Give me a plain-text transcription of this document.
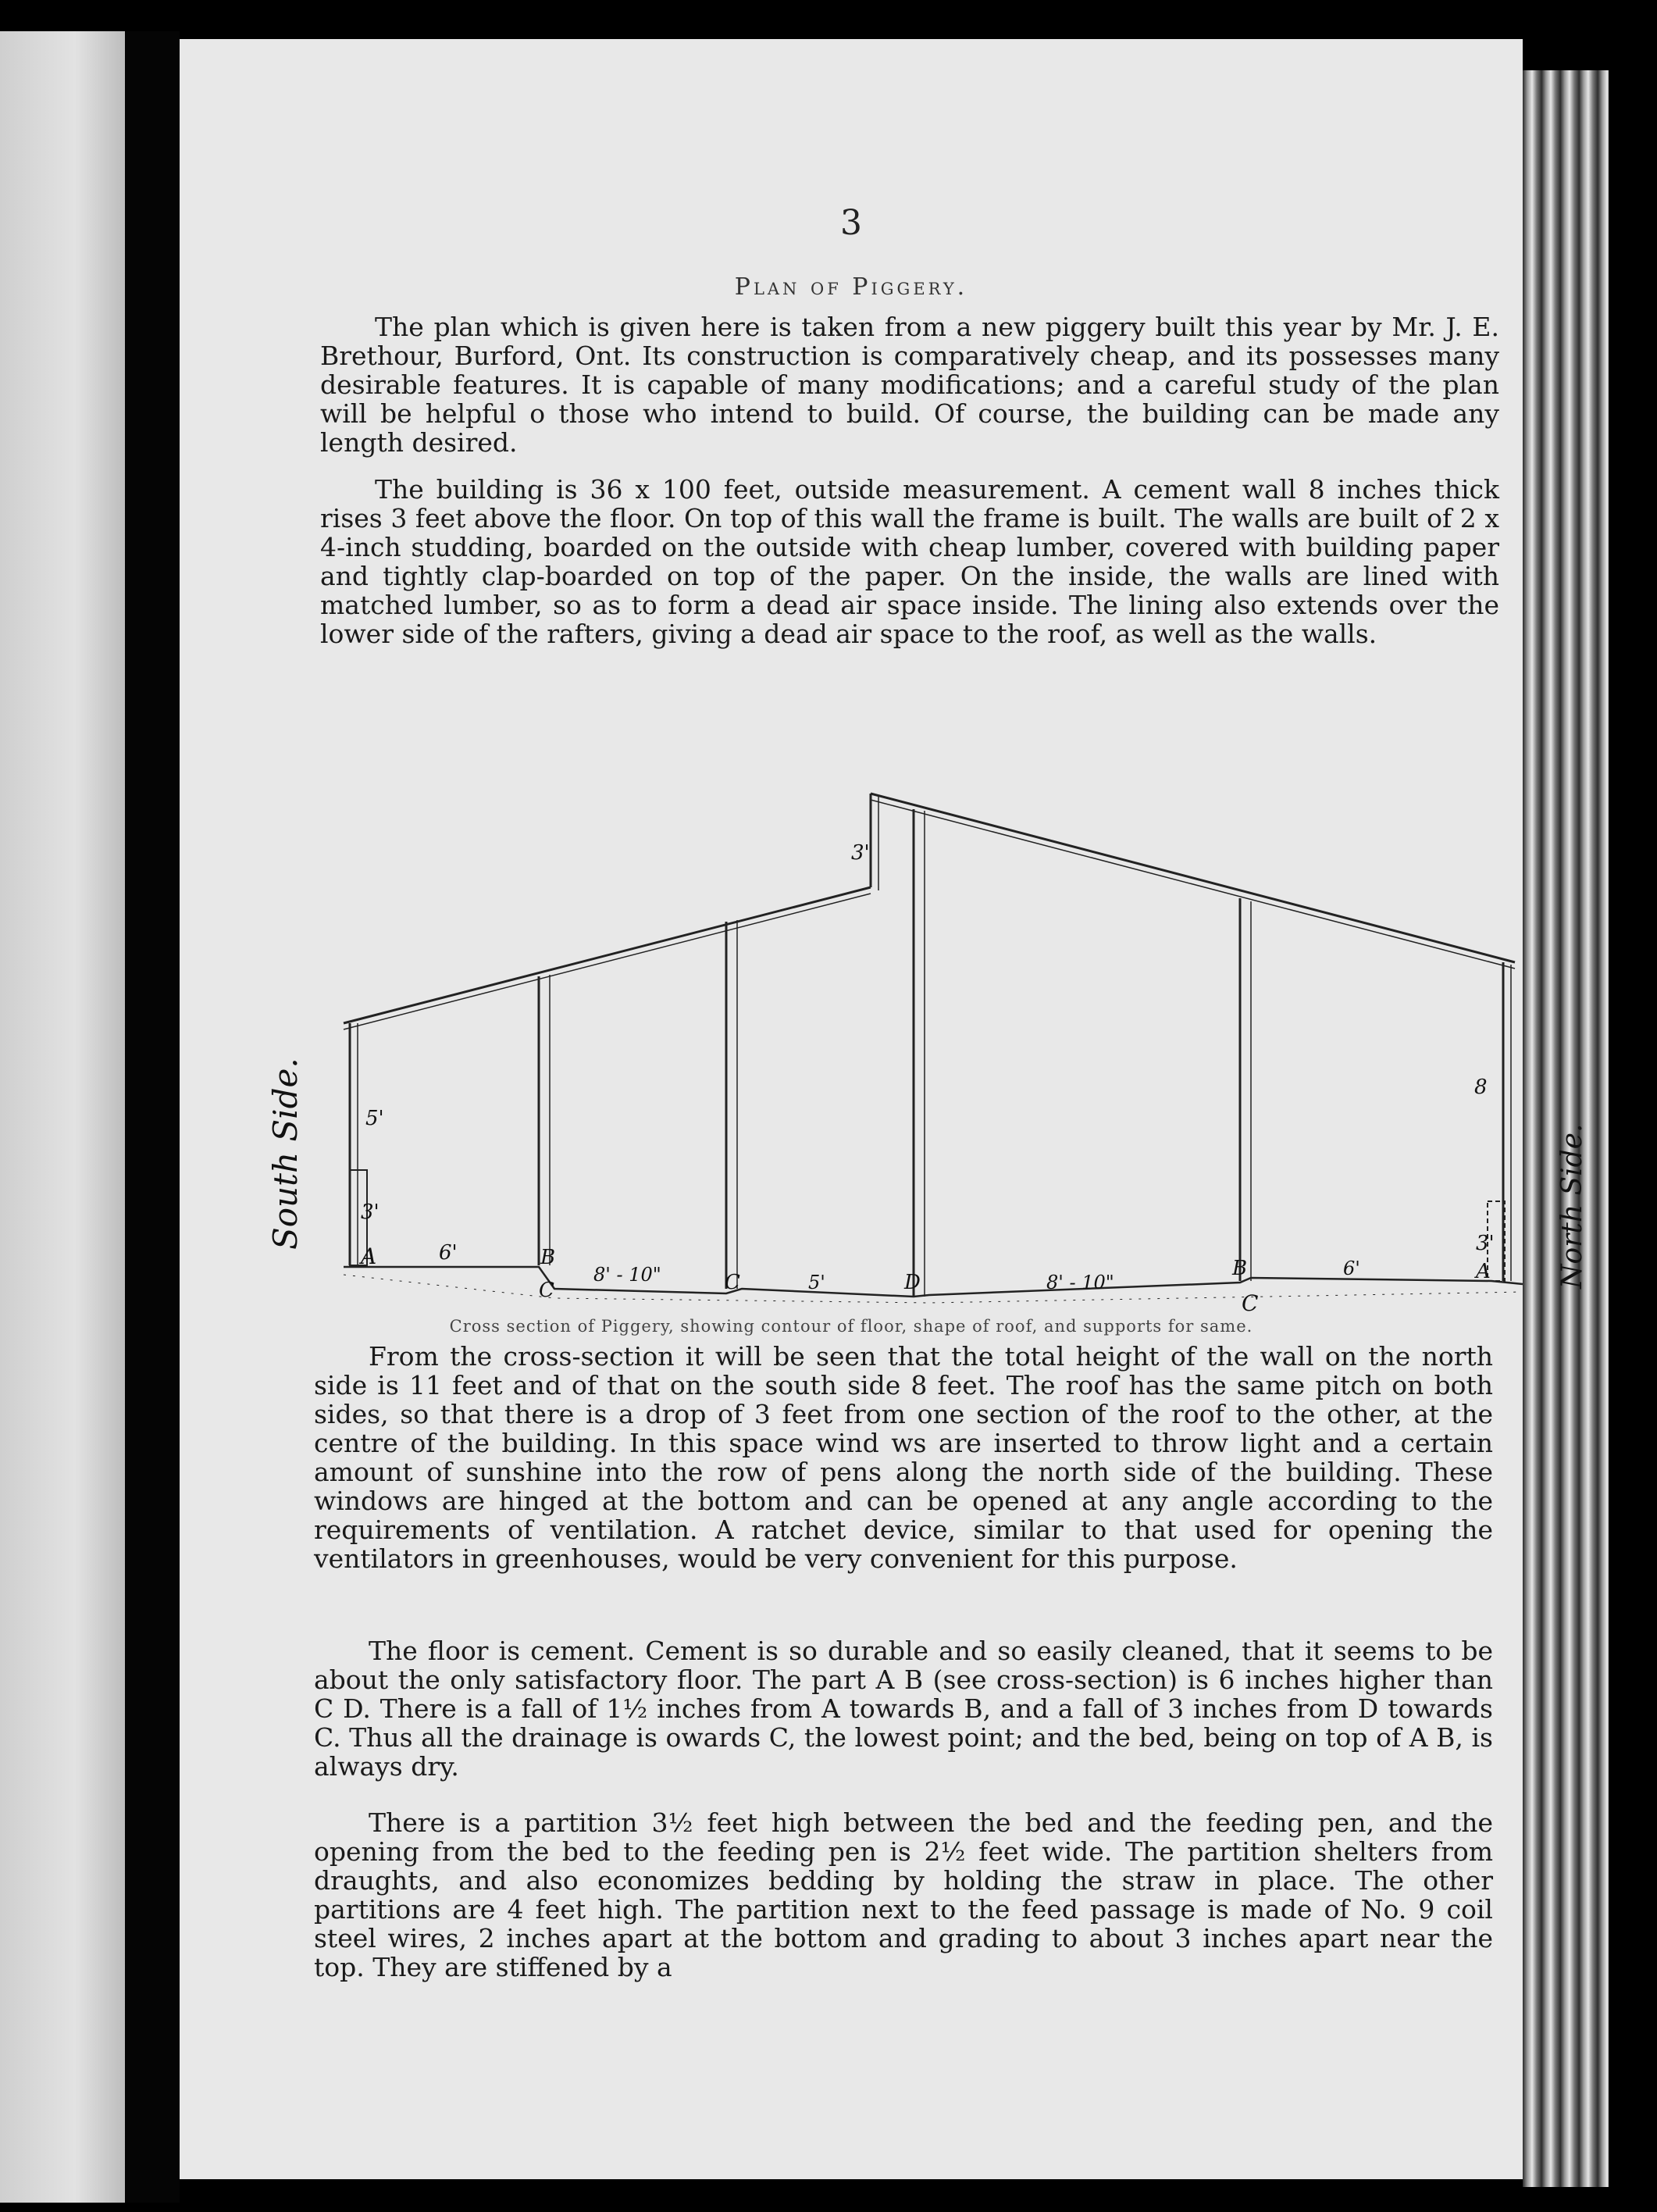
3
Plan of Piggery.

The plan which is given here is taken from a new piggery built this year by Mr. J. E. Brethour, Burford, Ont. Its construction is comparatively cheap, and its possesses many desirable features. It is capable of many modifications; and a careful study of the plan will be helpful o those who intend to build. Of course, the building can be made any length desired.

The building is 36 x 100 feet, outside measurement. A cement wall 8 inches thick rises 3 feet above the floor. On top of this wall the frame is built. The walls are built of 2 x 4-inch studding, boarded on the outside with cheap lumber, covered with building paper and tightly clap-boarded on top of the paper. On the inside, the walls are lined with matched lumber, so as to form a dead air space inside. The lining also extends over the lower side of the rafters, giving a dead air space to the roof, as well as the walls.

South Side.	North Side.
5'
3'
6'
8' - 10"	5'	8' - 10"
6'
3'
8
3'
A	B
C	C	D
B
C
A
Cross section of Piggery, showing contour of floor, shape of roof, and supports for same.

From the cross-section it will be seen that the total height of the wall on the north side is 11 feet and of that on the south side 8 feet. The roof has the same pitch on both sides, so that there is a drop of 3 feet from one section of the roof to the other, at the centre of the building. In this space wind ws are inserted to throw light and a certain amount of sunshine into the row of pens along the north side of the building. These windows are hinged at the bottom and can be opened at any angle according to the requirements of ventilation. A ratchet device, similar to that used for opening the ventilators in greenhouses, would be very convenient for this purpose.

The floor is cement. Cement is so durable and so easily cleaned, that it seems to be about the only satisfactory floor. The part A B (see cross-section) is 6 inches higher than C D. There is a fall of 1½ inches from A towards B, and a fall of 3 inches from D towards C. Thus all the drainage is owards C, the lowest point; and the bed, being on top of A B, is always dry.

There is a partition 3½ feet high between the bed and the feeding pen, and the opening from the bed to the feeding pen is 2½ feet wide. The partition shelters from draughts, and also economizes bedding by holding the straw in place. The other partitions are 4 feet high. The partition next to the feed passage is made of No. 9 coil steel wires, 2 inches apart at the bottom and grading to about 3 inches apart near the top. They are stiffened by a
